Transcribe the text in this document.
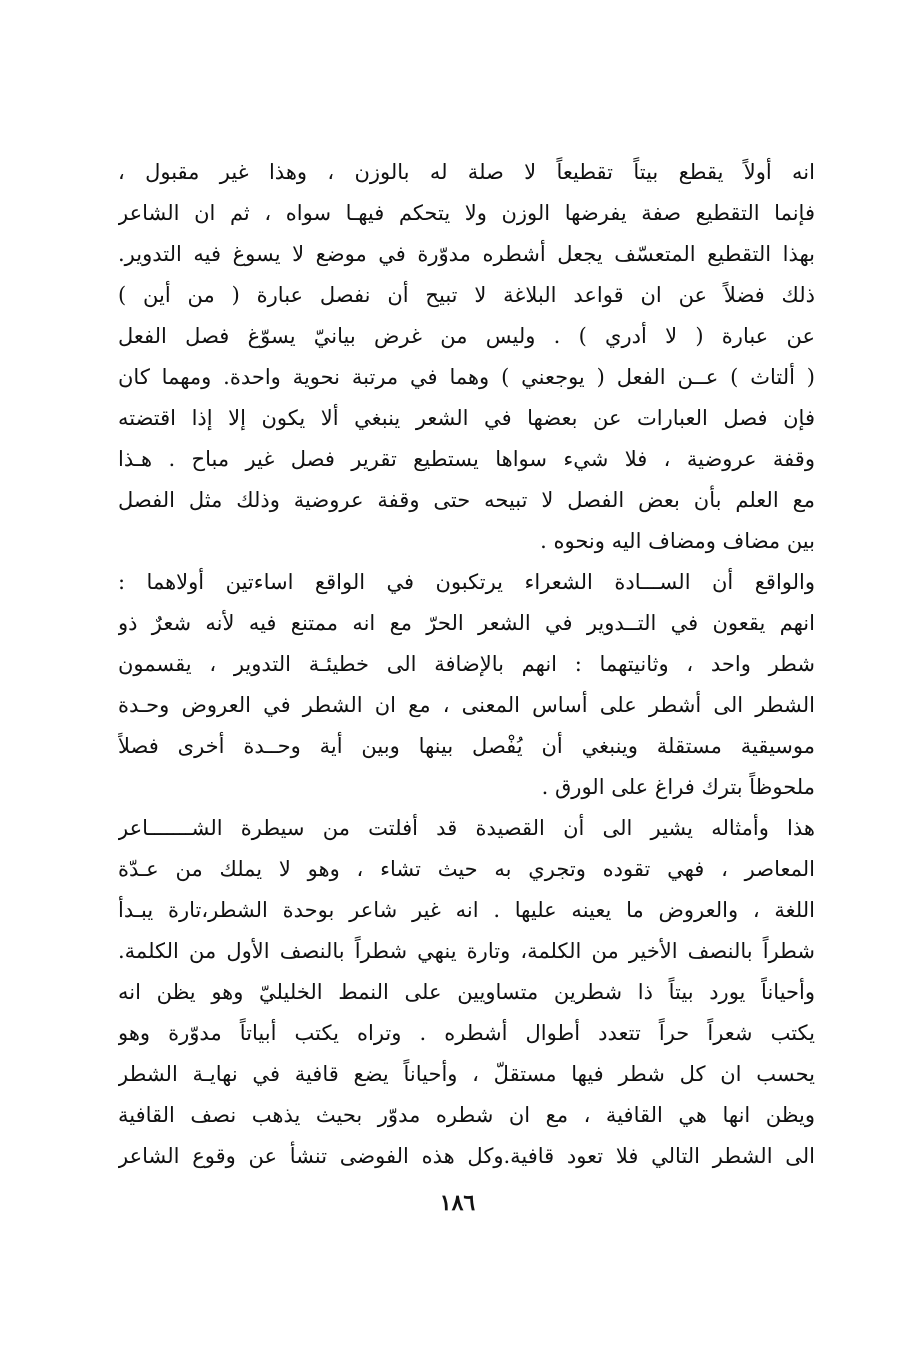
انه أولاً يقطع بيتاً تقطيعاً لا صلة له بالوزن ، وهذا غير مقبول ،
فإنما التقطيع صفة يفرضها الوزن ولا يتحكم فيهـا سواه ، ثم ان الشاعر
بهذا التقطيع المتعسّف يجعل أشطره مدوّرة في موضع لا يسوغ فيه التدوير.
ذلك فضلاً عن ان قواعد البلاغة لا تبيح أن نفصل عبارة ( من أين )
عن عبارة ( لا أدري ) . وليس من غرض بيانيّ يسوّغ فصل الفعل
( ألتاث ) عــن الفعل ( يوجعني ) وهما في مرتبة نحوية واحدة. ومهما كان
فإن فصل العبارات عن بعضها في الشعر ينبغي ألا يكون إلا إذا اقتضته
وقفة عروضية ، فلا شيء سواها يستطيع تقرير فصل غير مباح . هـذا
مع العلم بأن بعض الفصل لا تبيحه حتى وقفة عروضية وذلك مثل الفصل
بين مضاف ومضاف اليه ونحوه .
والواقع أن الســـادة الشعراء يرتكبون في الواقع اساءتين أولاهما :
انهم يقعون في التــدوير في الشعر الحرّ مع انه ممتنع فيه لأنه شعرٌ ذو
شطر واحد ، وثانيتهما : انهم بالإضافة الى خطيئـة التدوير ، يقسمون
الشطر الى أشطر على أساس المعنى ، مع ان الشطر في العروض وحـدة
موسيقية مستقلة وينبغي أن يُفْصل بينها وبين أية وحــدة أخرى فصلاً
ملحوظاً بترك فراغ على الورق .
هذا وأمثاله يشير الى أن القصيدة قد أفلتت من سيطرة الشـــــــاعر
المعاصر ، فهي تقوده وتجري به حيث تشاء ، وهو لا يملك من عـدّة
اللغة ، والعروض ما يعينه عليها . انه غير شاعر بوحدة الشطر،تارة يبـدأ
شطراً بالنصف الأخير من الكلمة، وتارة ينهي شطراً بالنصف الأول من الكلمة.
وأحياناً يورد بيتاً ذا شطرين متساويين على النمط الخليليّ وهو يظن انه
يكتب شعراً حراً تتعدد أطوال أشطره . وتراه يكتب أبياتاً مدوّرة وهو
يحسب ان كل شطر فيها مستقلّ ، وأحياناً يضع قافية في نهايـة الشطر
ويظن انها هي القافية ، مع ان شطره مدوّر بحيث يذهب نصف القافية
الى الشطر التالي فلا تعود قافية.وكل هذه الفوضى تنشأ عن وقوع الشاعر
١٨٦
